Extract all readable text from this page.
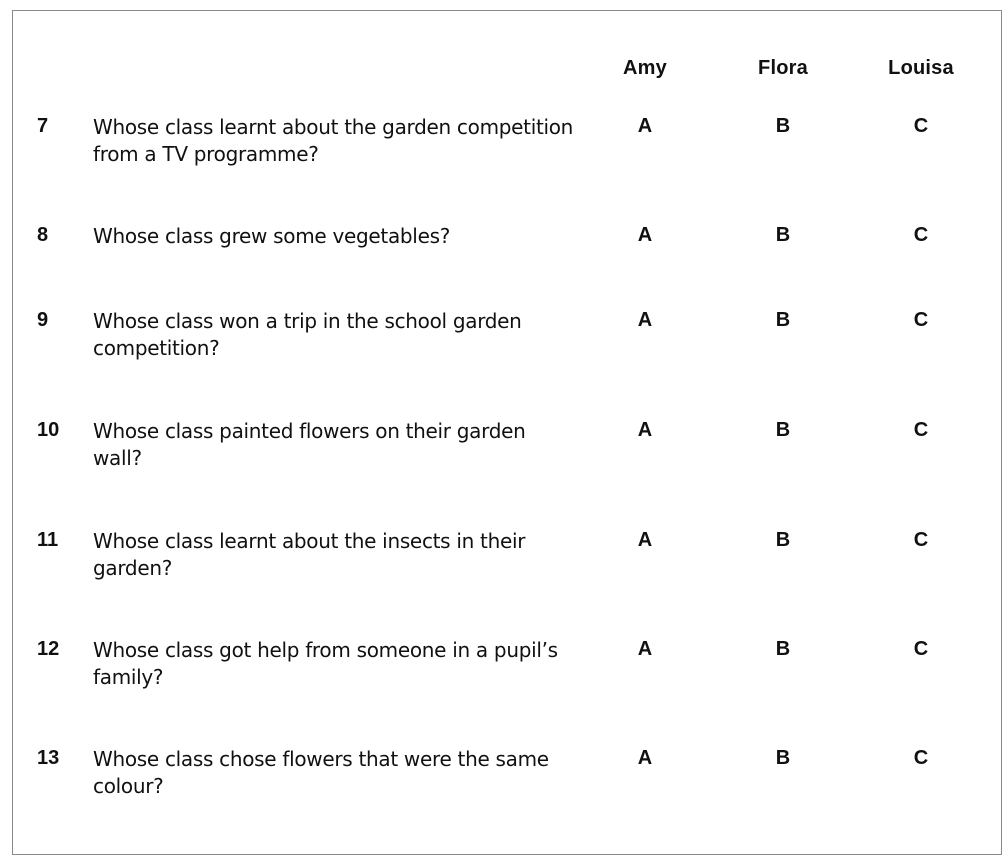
Amy	Flora	Louisa
7 Whose class learnt about the garden competition
from a TV programme?
A	B	C
8 Whose class grew some vegetables?	A	B	C
9 Whose class won a trip in the school garden
competition?
A	B	C
10 Whose class painted flowers on their garden
wall?
A	B	C
11 Whose class learnt about the insects in their
garden?
A	B	C
12 Whose class got help from someone in a pupil’s
family?
A	B	C
13 Whose class chose flowers that were the same
colour?
A	B	C
